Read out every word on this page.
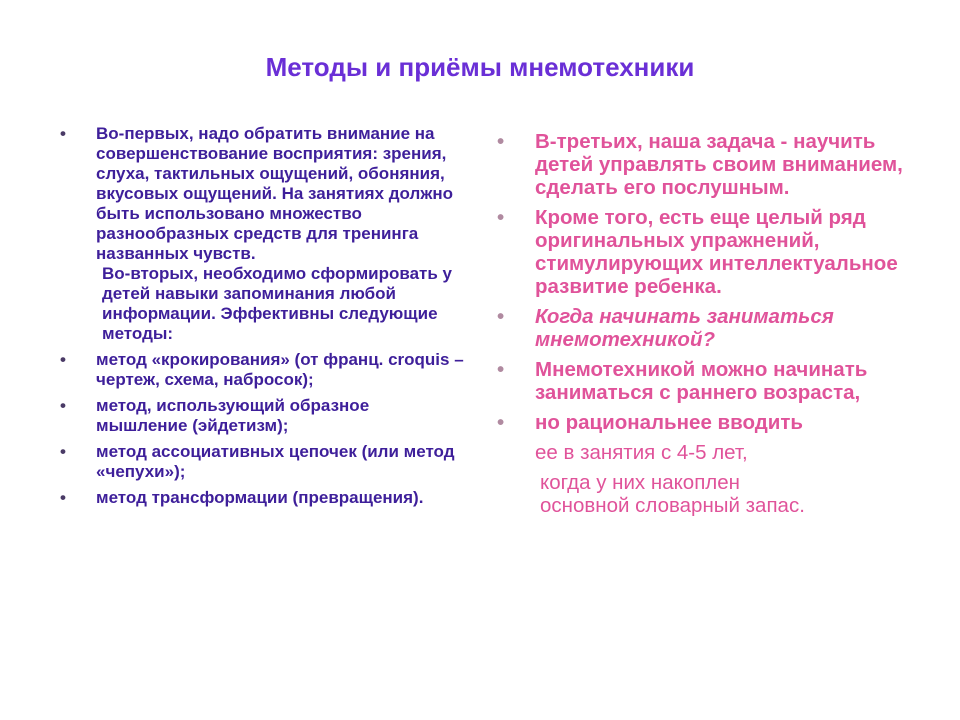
Методы и приёмы мнемотехники
• Во-первых, надо обратить внимание на совершенствование восприятия: зрения, слуха, тактильных ощущений, обоняния, вкусовых ощущений. На занятиях должно быть использовано множество разнообразных средств для тренинга названных чувств.
Во-вторых, необходимо сформировать у детей навыки запоминания любой информации. Эффективны следующие методы:
• метод «крокирования» (от франц. croquis – чертеж, схема, набросок);
• метод, использующий образное мышление (эйдетизм);
• метод ассоциативных цепочек (или метод «чепухи»);
• метод трансформации (превращения).
• В-третьих, наша задача - научить детей управлять своим вниманием, сделать его послушным.
• Кроме того, есть еще целый ряд оригинальных упражнений, стимулирующих интеллектуальное развитие ребенка.
• Когда начинать заниматься мнемотехникой?
• Мнемотехникой можно начинать заниматься с раннего возраста,
• но рациональнее вводить
ее в занятия с 4-5 лет,
когда у них накоплен
основной словарный запас.
